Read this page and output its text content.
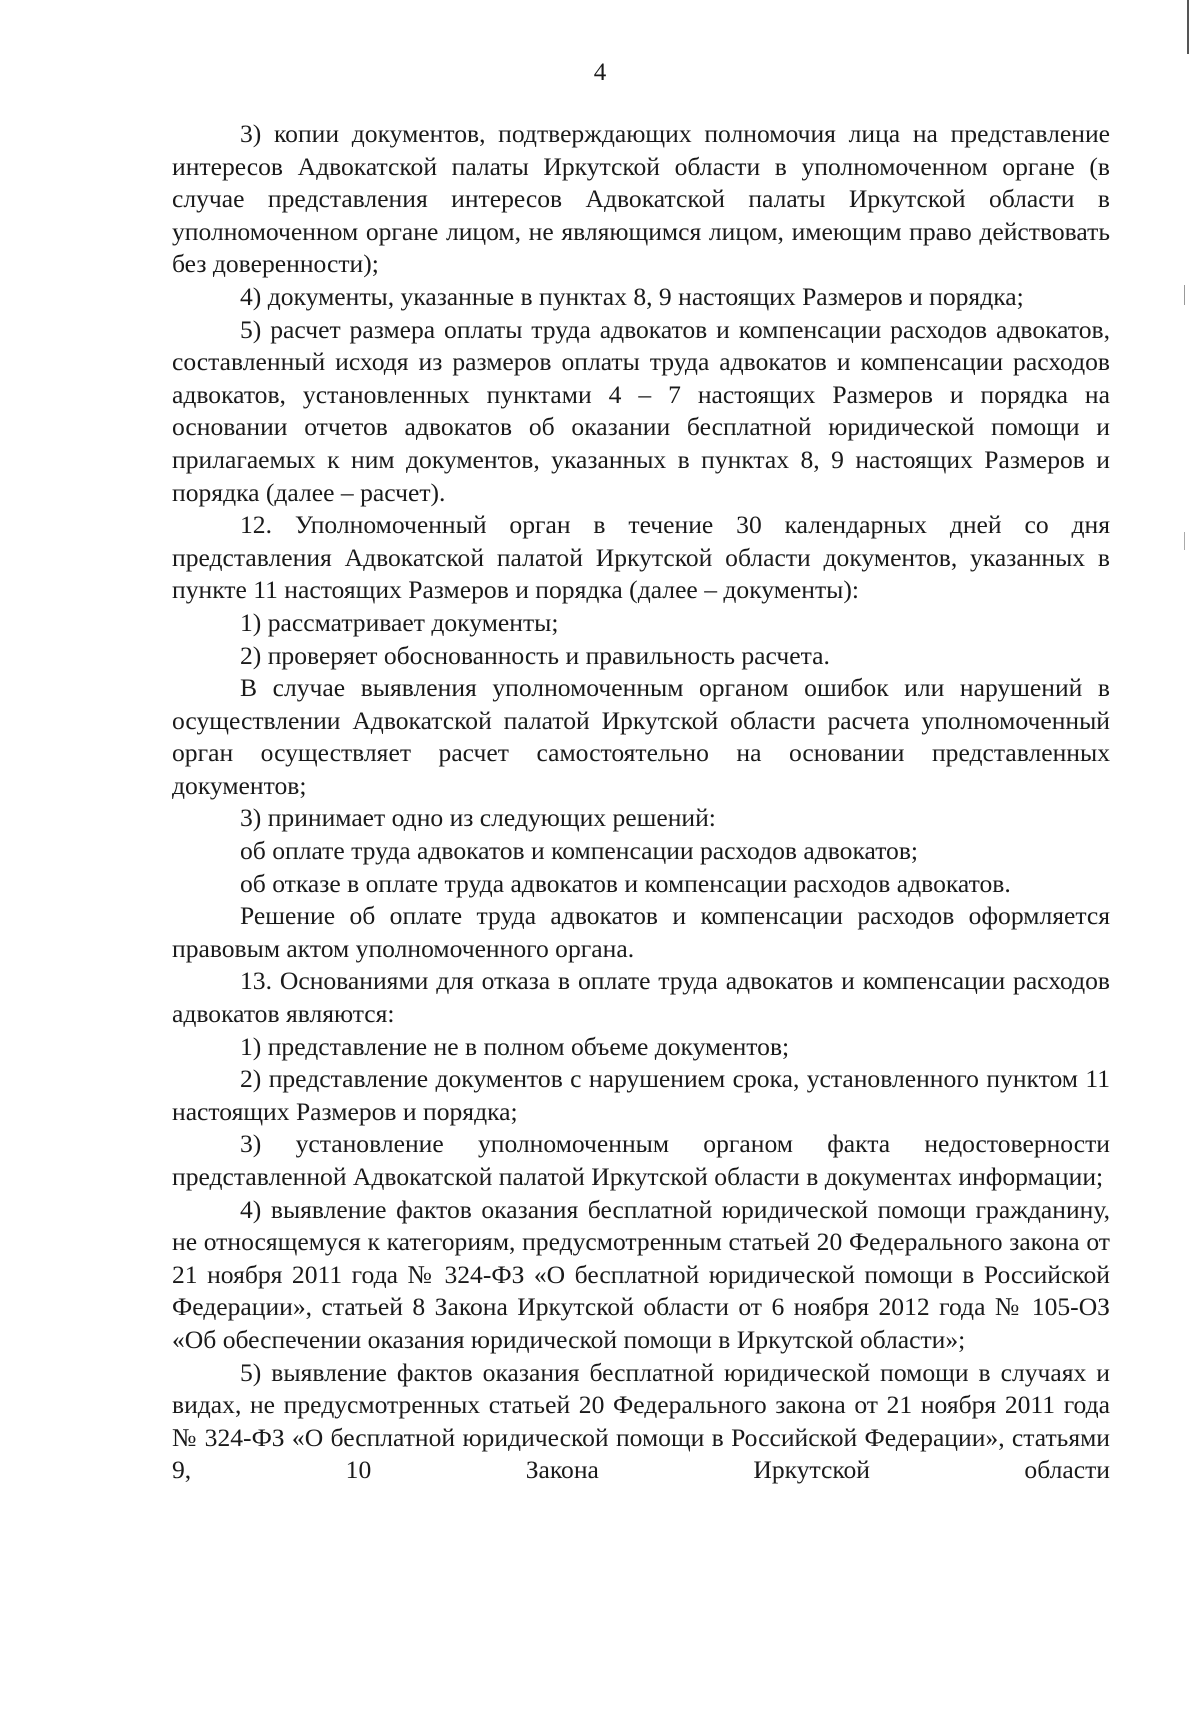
4

3) копии документов, подтверждающих полномочия лица на представление интересов Адвокатской палаты Иркутской области в уполномоченном органе (в случае представления интересов Адвокатской палаты Иркутской области в уполномоченном органе лицом, не являющимся лицом, имеющим право действовать без доверенности);

4) документы, указанные в пунктах 8, 9 настоящих Размеров и порядка;

5) расчет размера оплаты труда адвокатов и компенсации расходов адвокатов, составленный исходя из размеров оплаты труда адвокатов и компенсации расходов адвокатов, установленных пунктами 4 – 7 настоящих Размеров и порядка на основании отчетов адвокатов об оказании бесплатной юридической помощи и прилагаемых к ним документов, указанных в пунктах 8, 9 настоящих Размеров и порядка (далее – расчет).

12. Уполномоченный орган в течение 30 календарных дней со дня представления Адвокатской палатой Иркутской области документов, указанных в пункте 11 настоящих Размеров и порядка (далее – документы):

1) рассматривает документы;

2) проверяет обоснованность и правильность расчета.

В случае выявления уполномоченным органом ошибок или нарушений в осуществлении Адвокатской палатой Иркутской области расчета уполномоченный орган осуществляет расчет самостоятельно на основании представленных документов;

3) принимает одно из следующих решений:

об оплате труда адвокатов и компенсации расходов адвокатов;

об отказе в оплате труда адвокатов и компенсации расходов адвокатов.

Решение об оплате труда адвокатов и компенсации расходов оформляется правовым актом уполномоченного органа.

13. Основаниями для отказа в оплате труда адвокатов и компенсации расходов адвокатов являются:

1) представление не в полном объеме документов;

2) представление документов с нарушением срока, установленного пунктом 11 настоящих Размеров и порядка;

3) установление уполномоченным органом факта недостоверности представленной Адвокатской палатой Иркутской области в документах информации;

4) выявление фактов оказания бесплатной юридической помощи гражданину, не относящемуся к категориям, предусмотренным статьей 20 Федерального закона от 21 ноября 2011 года № 324-ФЗ «О бесплатной юридической помощи в Российской Федерации», статьей 8 Закона Иркутской области от 6 ноября 2012 года № 105-ОЗ «Об обеспечении оказания юридической помощи в Иркутской области»;

5) выявление фактов оказания бесплатной юридической помощи в случаях и видах, не предусмотренных статьей 20 Федерального закона от 21 ноября 2011 года № 324-ФЗ «О бесплатной юридической помощи в Российской Федерации», статьями 9, 10 Закона Иркутской области
